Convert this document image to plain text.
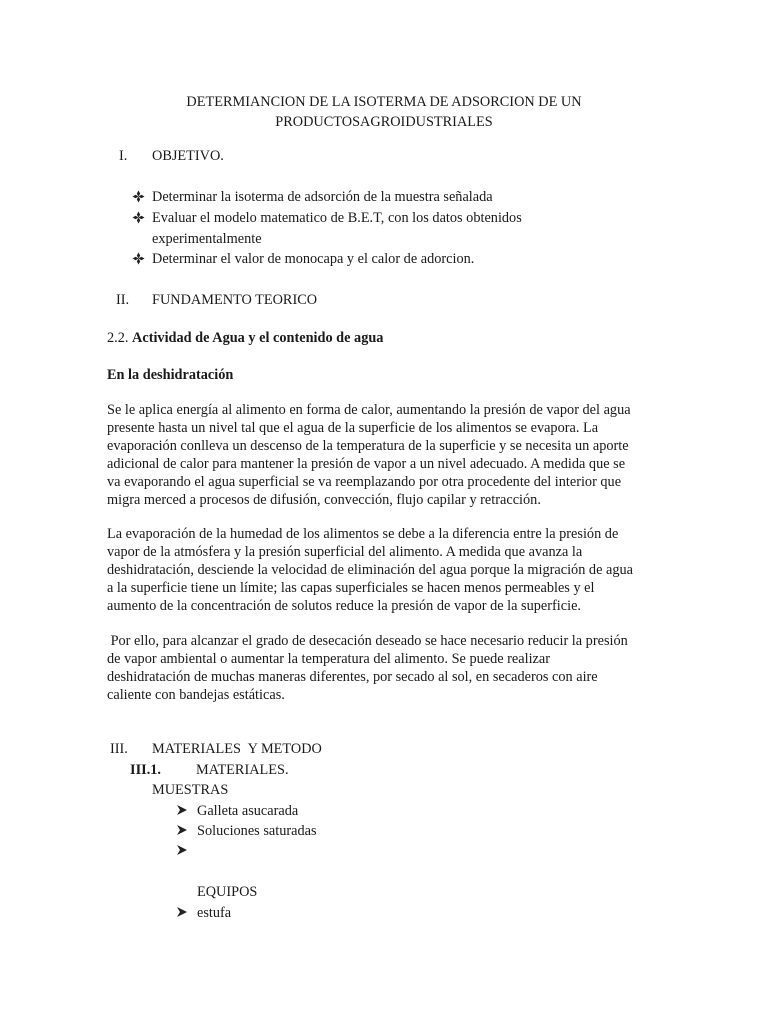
DETERMIANCION DE LA ISOTERMA DE ADSORCION DE UN
PRODUCTOSAGROIDUSTRIALES
I. OBJETIVO.
Determinar la isoterma de adsorción de la muestra señalada
Evaluar el modelo matematico de B.E.T, con los datos obtenidos
experimentalmente
Determinar el valor de monocapa y el calor de adorcion.
II. FUNDAMENTO TEORICO
2.2. Actividad de Agua y el contenido de agua
En la deshidratación
Se le aplica energía al alimento en forma de calor, aumentando la presión de vapor del agua
presente hasta un nivel tal que el agua de la superficie de los alimentos se evapora. La
evaporación conlleva un descenso de la temperatura de la superficie y se necesita un aporte
adicional de calor para mantener la presión de vapor a un nivel adecuado. A medida que se
va evaporando el agua superficial se va reemplazando por otra procedente del interior que
migra merced a procesos de difusión, convección, flujo capilar y retracción.
La evaporación de la humedad de los alimentos se debe a la diferencia entre la presión de
vapor de la atmósfera y la presión superficial del alimento. A medida que avanza la
deshidratación, desciende la velocidad de eliminación del agua porque la migración de agua
a la superficie tiene un límite; las capas superficiales se hacen menos permeables y el
aumento de la concentración de solutos reduce la presión de vapor de la superficie.
Por ello, para alcanzar el grado de desecación deseado se hace necesario reducir la presión
de vapor ambiental o aumentar la temperatura del alimento. Se puede realizar
deshidratación de muchas maneras diferentes, por secado al sol, en secaderos con aire
caliente con bandejas estáticas.
III. MATERIALES  Y METODO
III.1. MATERIALES.
MUESTRAS
Galleta asucarada
Soluciones saturadas
EQUIPOS
estufa
